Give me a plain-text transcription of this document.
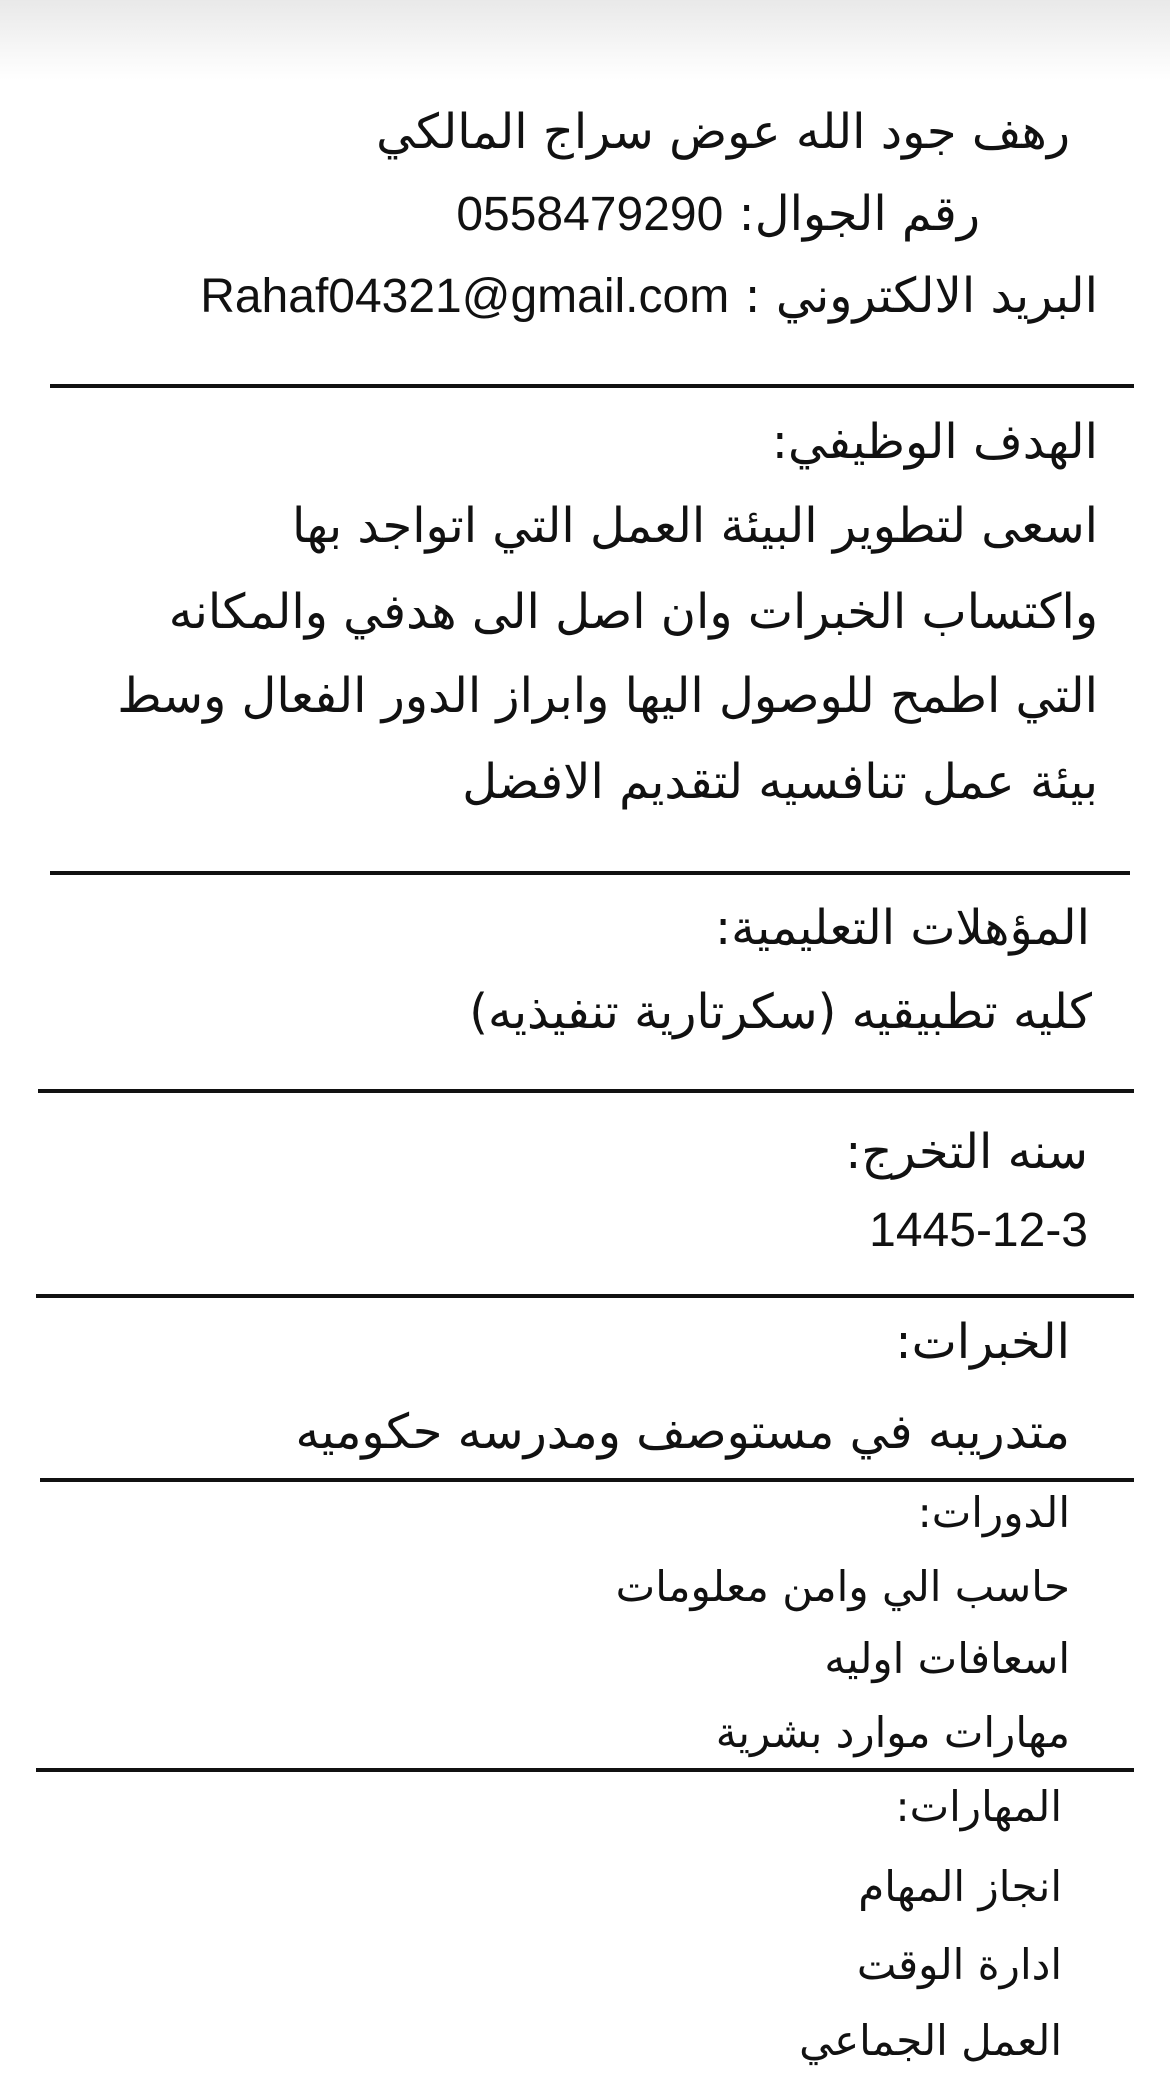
رهف جود الله عوض سراج المالكي
رقم الجوال: 0558479290
البريد الالكتروني : Rahaf04321@gmail.com
الهدف الوظيفي:
اسعى لتطوير البيئة العمل التي اتواجد بها
واكتساب الخبرات وان اصل الى هدفي والمكانه
التي اطمح للوصول اليها وابراز الدور الفعال وسط
بيئة عمل تنافسيه لتقديم الافضل
المؤهلات التعليمية:
كليه تطبيقيه (سكرتارية تنفيذيه)
سنه التخرج:
1445-12-3
الخبرات:
متدريبه في مستوصف ومدرسه حكوميه
الدورات:
حاسب الي وامن معلومات
اسعافات اوليه
مهارات موارد بشرية
المهارات:
انجاز المهام
ادارة الوقت
العمل الجماعي
